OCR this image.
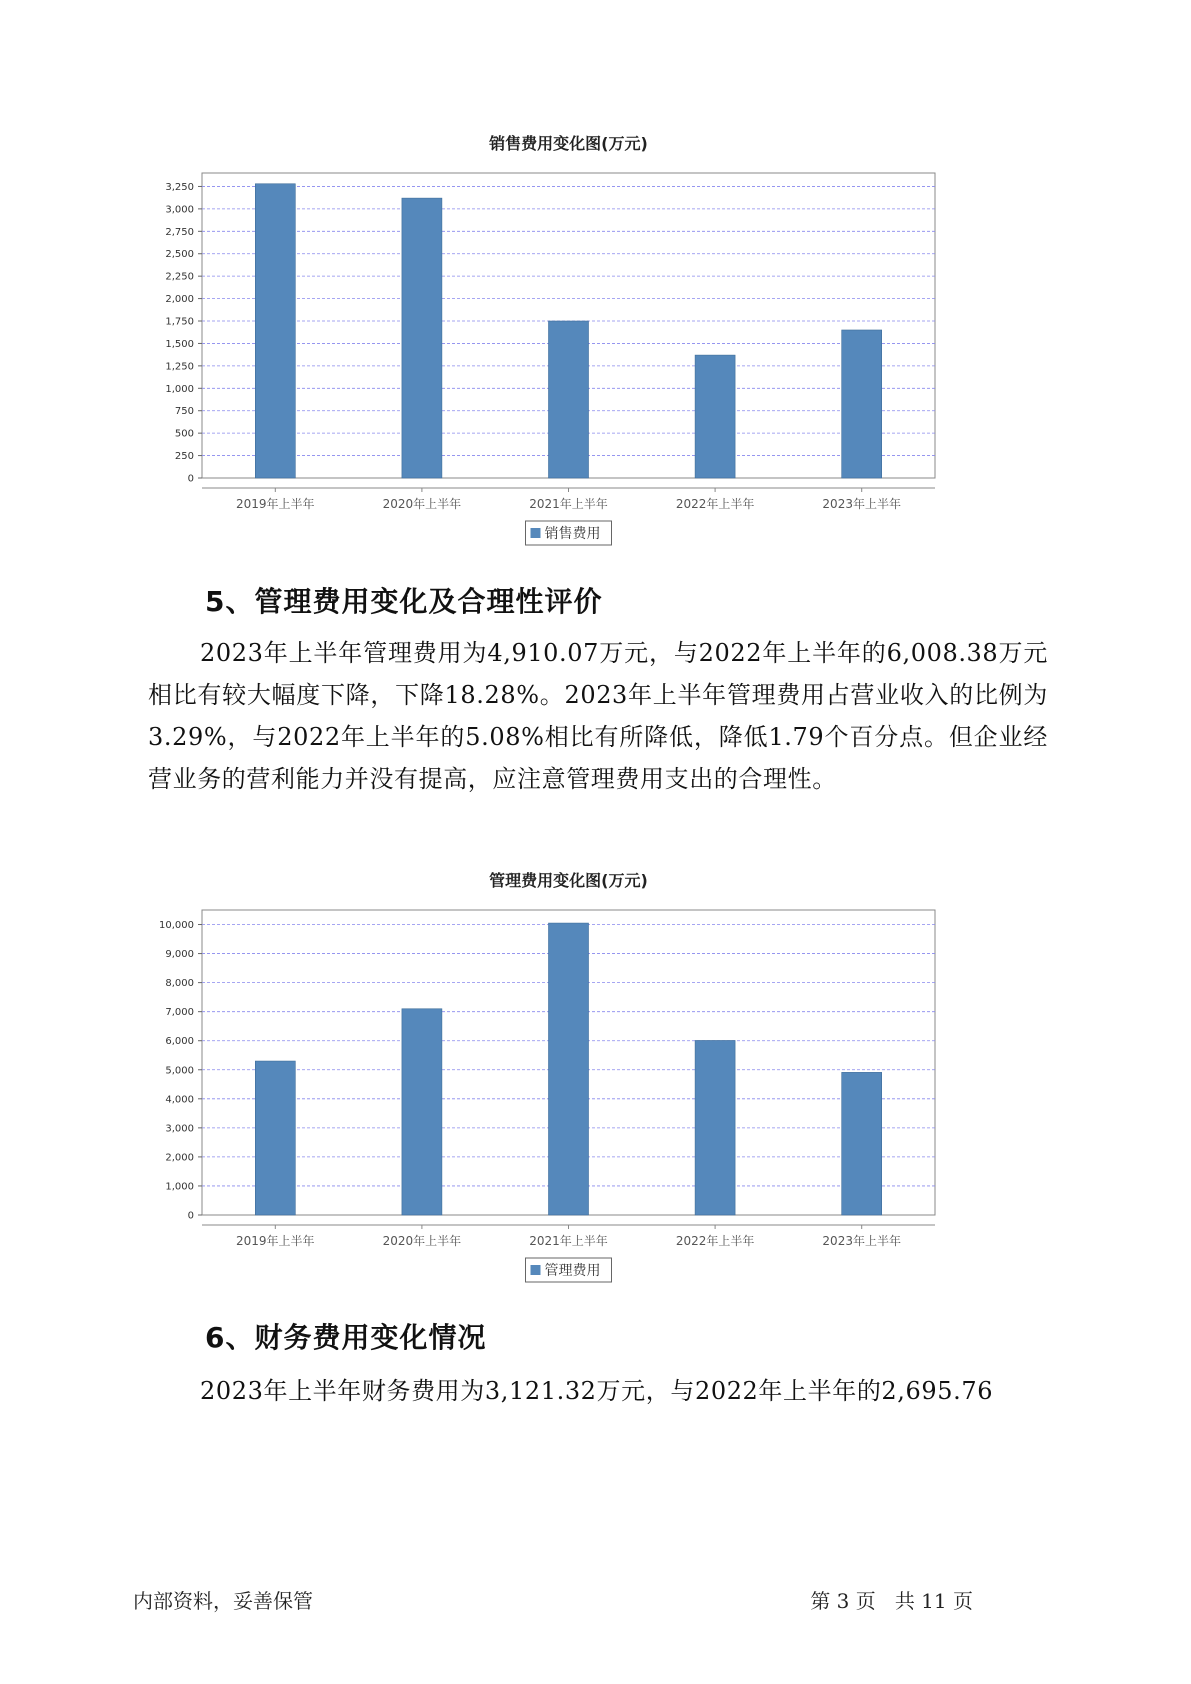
销售费用变化图(万元)
0
250
500
750
1,000
1,250
1,500
1,750
2,000
2,250
2,500
2,750
3,000
3,250
2019年上半年	2020年上半年	2021年上半年	2022年上半年	2023年上半年
销售费用
5、管理费用变化及合理性评价

2023年上半年管理费用为4,910.07万元，与2022年上半年的6,008.38万元相比有较大幅度下降，下降18.28%。2023年上半年管理费用占营业收入的比例为3.29%，与2022年上半年的5.08%相比有所降低，降低1.79个百分点。但企业经营业务的营利能力并没有提高，应注意管理费用支出的合理性。

管理费用变化图(万元)
0
1,000
2,000
3,000
4,000
5,000
6,000
7,000
8,000
9,000
10,000
2019年上半年	2020年上半年	2021年上半年	2022年上半年	2023年上半年
管理费用
6、财务费用变化情况

2023年上半年财务费用为3,121.32万元，与2022年上半年的2,695.76

内部资料，妥善保管	第 3 页   共 11 页
